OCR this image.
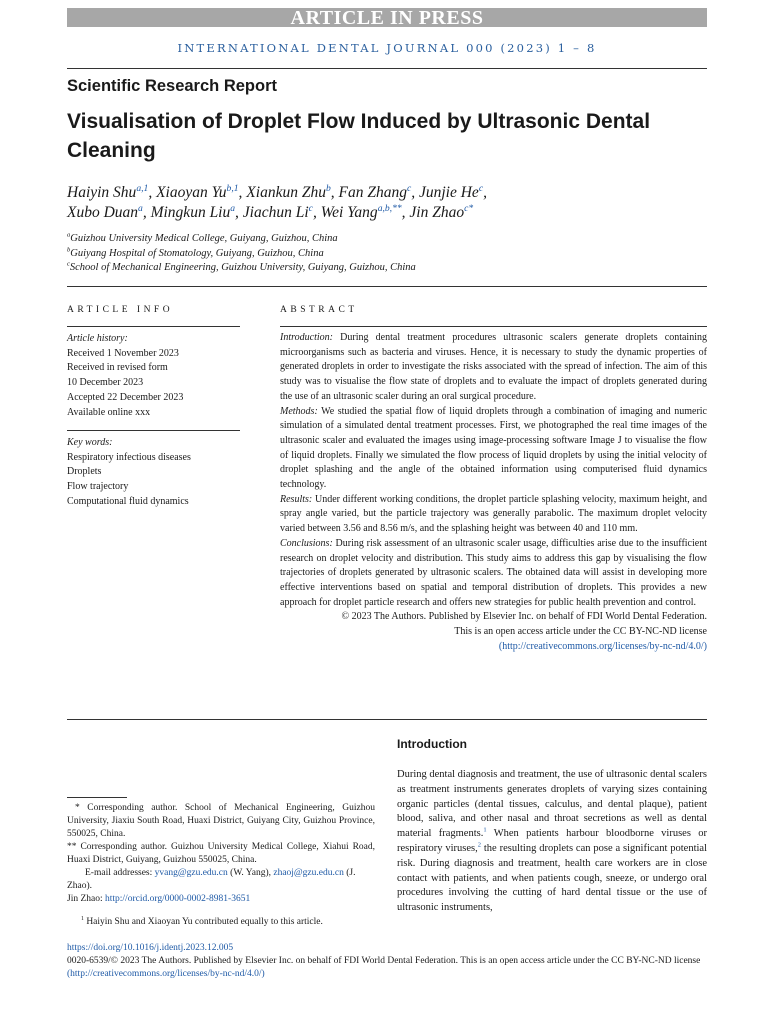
ARTICLE IN PRESS
INTERNATIONAL DENTAL JOURNAL 000 (2023) 1 – 8
Scientific Research Report
Visualisation of Droplet Flow Induced by Ultrasonic Dental Cleaning
Haiyin Shu$^{a,1}$, Xiaoyan Yu$^{b,1}$, Xiankun Zhu$^b$, Fan Zhang$^c$, Junjie He$^c$,
Xubo Duan$^a$, Mingkun Liu$^a$, Jiachun Li$^c$, Wei Yang$^{a,b,**}$, Jin Zhao$^{c*}$
$^a$Guizhou University Medical College, Guiyang, Guizhou, China
$^b$Guiyang Hospital of Stomatology, Guiyang, Guizhou, China
$^c$School of Mechanical Engineering, Guizhou University, Guiyang, Guizhou, China
ARTICLE INFO
Article history:
Received 1 November 2023
Received in revised form
10 December 2023
Accepted 22 December 2023
Available online xxx
Key words:
Respiratory infectious diseases
Droplets
Flow trajectory
Computational fluid dynamics
ABSTRACT

Introduction: During dental treatment procedures ultrasonic scalers generate droplets containing microorganisms such as bacteria and viruses. Hence, it is necessary to study the dynamic properties of generated droplets in order to investigate the risks associated with the spread of infection. The aim of this study was to visualise the flow state of droplets and to evaluate the impact of droplets generated during the use of an ultrasonic scaler during an oral surgical procedure.

Methods: We studied the spatial flow of liquid droplets through a combination of imaging and numeric simulation of a simulated dental treatment processes. First, we photographed the real time images of the ultrasonic scaler and evaluated the images using image-processing software Image J to visualise the flow of liquid droplets. Finally we simulated the flow process of liquid droplets by using the initial velocity of droplet splashing and the angle of the obtained information using computerised fluid dynamics technology.

Results: Under different working conditions, the droplet particle splashing velocity, maximum height, and spray angle varied, but the particle trajectory was generally parabolic. The maximum droplet velocity varied between 3.56 and 8.56 m/s, and the splashing height was between 40 and 110 mm.

Conclusions: During risk assessment of an ultrasonic scaler usage, difficulties arise due to the insufficient research on droplet velocity and distribution. This study aims to address this gap by visualising the flow trajectories of droplets generated by ultrasonic scalers. The obtained data will assist in developing more effective interventions based on spatial and temporal distribution of droplets. This provides a new approach for droplet particle research and offers new strategies for public health prevention and control.

© 2023 The Authors. Published by Elsevier Inc. on behalf of FDI World Dental Federation.

This is an open access article under the CC BY-NC-ND license

(http://creativecommons.org/licenses/by-nc-nd/4.0/)

Introduction
During dental diagnosis and treatment, the use of ultrasonic dental scalers as treatment instruments generates droplets of varying sizes containing organic particles (dental tissues, calculus, and dental plaque), patient blood, saliva, and other nasal and throat secretions as well as dental material fragments.$^1$ When patients harbour bloodborne viruses or respiratory viruses,$^2$ the resulting droplets can pose a significant potential risk. During diagnosis and treatment, health care workers are in close contact with patients, and when patients cough, sneeze, or undergo oral procedures involving the cutting of hard dental tissue or the use of ultrasonic instruments,

* Corresponding author. School of Mechanical Engineering, Guizhou University, Jiaxiu South Road, Huaxi District, Guiyang City, Guizhou Province, 550025, China.

** Corresponding author. Guizhou University Medical College, Xiahui Road, Huaxi District, Guiyang, Guizhou 550025, China.

E-mail addresses: yvang@gzu.edu.cn (W. Yang), zhaoj@gzu.edu.cn (J. Zhao).

Jin Zhao: http://orcid.org/0000-0002-8981-3651

$^1$ Haiyin Shu and Xiaoyan Yu contributed equally to this article.

https://doi.org/10.1016/j.identj.2023.12.005

0020-6539/© 2023 The Authors. Published by Elsevier Inc. on behalf of FDI World Dental Federation. This is an open access article under the CC BY-NC-ND license (http://creativecommons.org/licenses/by-nc-nd/4.0/)
